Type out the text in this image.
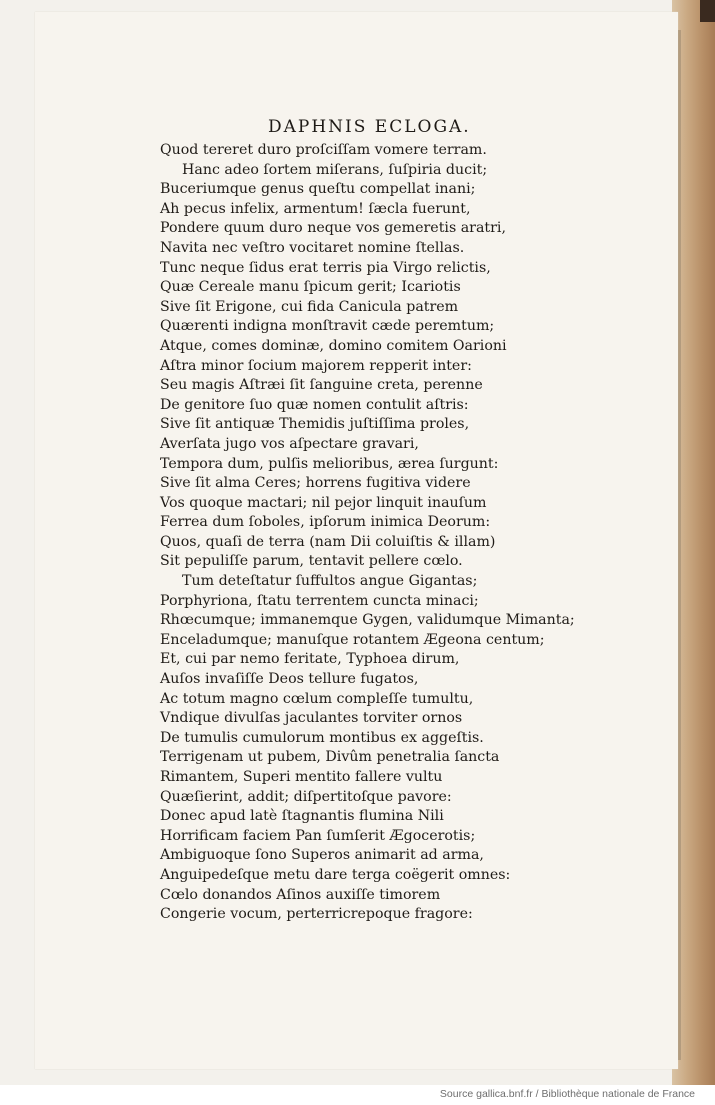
DAPHNIS ECLOGA.
Quod tereret duro proſciſſam vomere terram.
Hanc adeo ſortem miſerans, ſuſpiria ducit;
Buceriumque genus queſtu compellat inani;
Ah pecus infelix, armentum! ſæcla fuerunt,
Pondere quum duro neque vos gemeretis aratri,
Navita nec veſtro vocitaret nomine ſtellas.
Tunc neque ſidus erat terris pia Virgo relictis,
Quæ Cereale manu ſpicum gerit; Icariotis
Sive ſit Erigone, cui fida Canicula patrem
Quærenti indigna monſtravit cæde peremtum;
Atque, comes dominæ, domino comitem Oarioni
Aſtra minor ſocium majorem repperit inter:
Seu magis Aſtræi ſit ſanguine creta, perenne
De genitore ſuo quæ nomen contulit aſtris:
Sive ſit antiquæ Themidis juſtiſſima proles,
Averſata jugo vos aſpectare gravari,
Tempora dum, pulſis melioribus, ærea ſurgunt:
Sive ſit alma Ceres; horrens fugitiva videre
Vos quoque mactari; nil pejor linquit inauſum
Ferrea dum ſoboles, ipſorum inimica Deorum:
Quos, quaſi de terra (nam Dii coluiſtis & illam)
Sit pepuliſſe parum, tentavit pellere cœlo.
Tum deteſtatur ſuffultos angue Gigantas;
Porphyriona, ſtatu terrentem cuncta minaci;
Rhœcumque; immanemque Gygen, validumque Mimanta;
Enceladumque; manuſque rotantem Ægeona centum;
Et, cui par nemo feritate, Typhoea dirum,
Auſos invaſiſſe Deos tellure fugatos,
Ac totum magno cœlum compleſſe tumultu,
Vndique divulſas jaculantes torviter ornos
De tumulis cumulorum montibus ex aggeſtis.
Terrigenam ut pubem, Divûm penetralia ſancta
Rimantem, Superi mentito fallere vultu
Quæſierint, addit; diſpertitoſque pavore:
Donec apud latè ſtagnantis flumina Nili
Horrificam faciem Pan ſumſerit Ægocerotis;
Ambiguoque ſono Superos animarit ad arma,
Anguipedeſque metu dare terga coëgerit omnes:
Cœlo donandos Aſinos auxiſſe timorem
Congerie vocum, perterricrepoque fragore:
Source gallica.bnf.fr / Bibliothèque nationale de France
